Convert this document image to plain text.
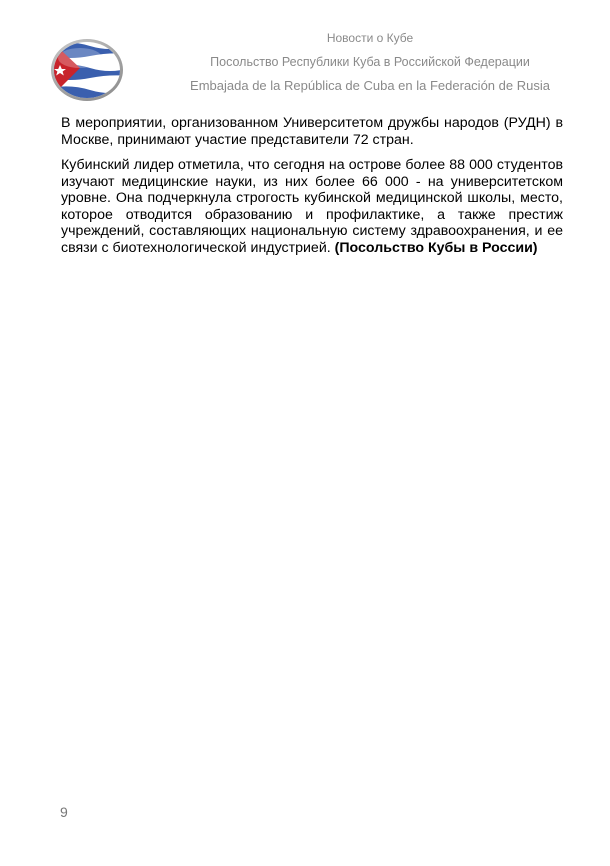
Новости о Кубе
Посольство Республики Куба в Российской Федерации
Embajada de la República de Cuba en la Federación de Rusia

В мероприятии, организованном Университетом дружбы народов (РУДН) в Москве, принимают участие представители 72 стран.

Кубинский лидер отметила, что сегодня на острове более 88 000 студентов изучают медицинские науки, из них более 66 000 - на университетском уровне. Она подчеркнула строгость кубинской медицинской школы, место, которое отводится образованию и профилактике, а также престиж учреждений, составляющих национальную систему здравоохранения, и ее связи с биотехнологической индустрией. (Посольство Кубы в России)

9
